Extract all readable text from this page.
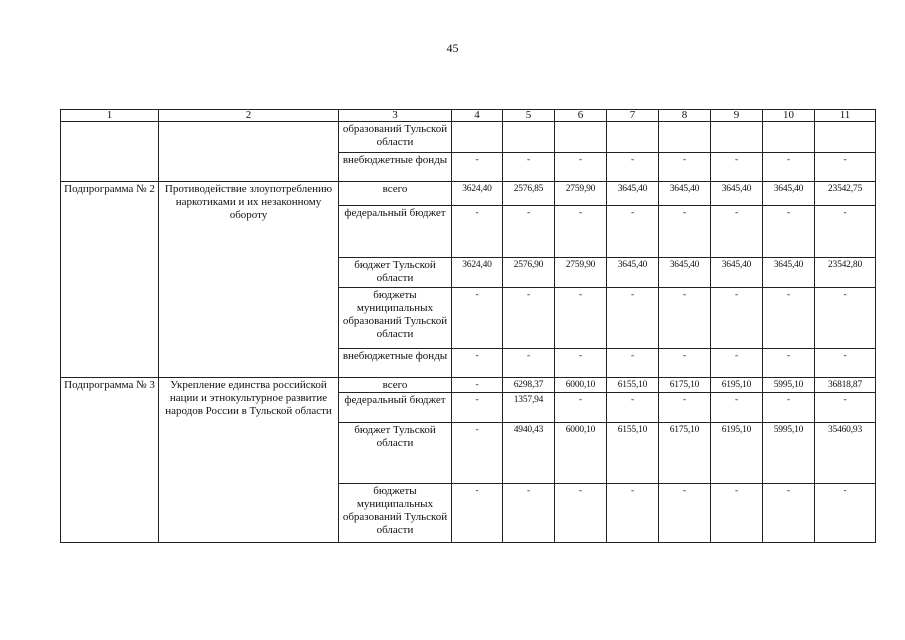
45
1	2	3	4	5	6	7	8	9	10	11
		образований Тульской области								
		внебюджетные фонды	-	-	-	-	-	-	-	-
Подпрограмма № 2	Противодействие злоупотреблению наркотиками и их незаконному обороту	всего	3624,40	2576,85	2759,90	3645,40	3645,40	3645,40	3645,40	23542,75
		федеральный бюджет	-	-	-	-	-	-	-	-
		бюджет Тульской области	3624,40	2576,90	2759,90	3645,40	3645,40	3645,40	3645,40	23542,80
		бюджеты муниципальных образований Тульской области	-	-	-	-	-	-	-	-
		внебюджетные фонды	-	-	-	-	-	-	-	-
Подпрограмма № 3	Укрепление единства российской нации и этнокультурное развитие народов России в Тульской области	всего	-	6298,37	6000,10	6155,10	6175,10	6195,10	5995,10	36818,87
		федеральный бюджет	-	1357,94	-	-	-	-	-	-
		бюджет Тульской области	-	4940,43	6000,10	6155,10	6175,10	6195,10	5995,10	35460,93
		бюджеты муниципальных образований Тульской области	-	-	-	-	-	-	-	-
